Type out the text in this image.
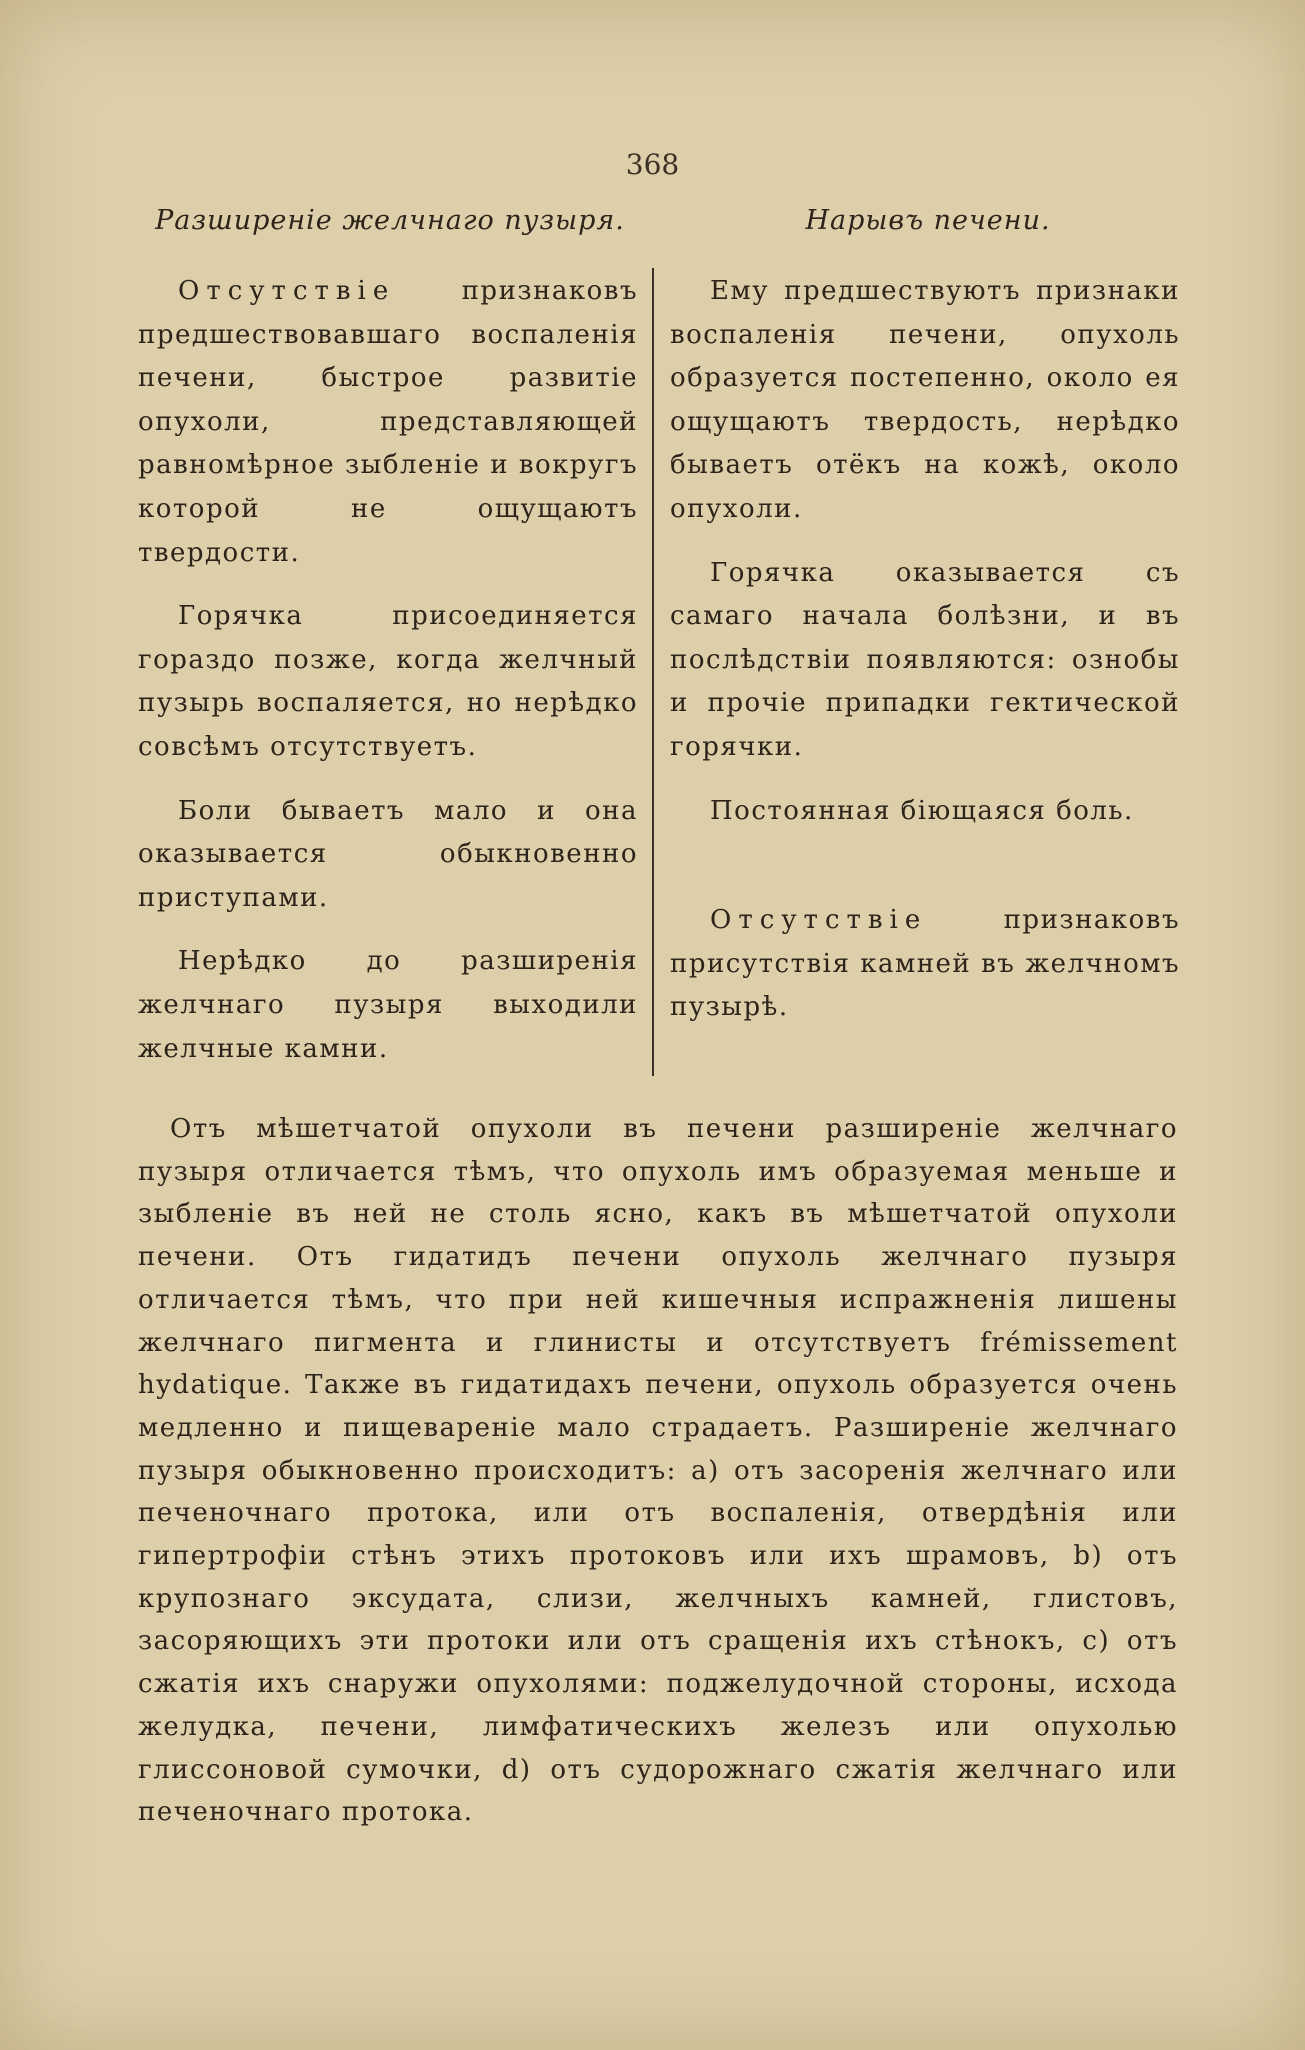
368
Разширеніе желчнаго пузыря.	Нарывъ печени.

Отсутствіе признаковъ предшествовавшаго воспаленія печени, быстрое развитіе опухоли, представляющей равномѣрное зыбленіе и вокругъ которой не ощущаютъ твердости.

Горячка присоединяется гораздо позже, когда желчный пузырь воспаляется, но нерѣдко совсѣмъ отсутствуетъ.

Боли бываетъ мало и она оказывается обыкновенно приступами.

Нерѣдко до разширенія желчнаго пузыря выходили желчные камни.

Ему предшествуютъ признаки воспаленія печени, опухоль образуется постепенно, около ея ощущаютъ твердость, нерѣдко бываетъ отёкъ на кожѣ, около опухоли.

Горячка оказывается съ самаго начала болѣзни, и въ послѣдствіи появляются: ознобы и прочіе припадки гектической горячки.

Постоянная біющаяся боль.

Отсутствіе признаковъ присутствія камней въ желчномъ пузырѣ.

Отъ мѣшетчатой опухоли въ печени разширеніе желчнаго пузыря отличается тѣмъ, что опухоль имъ образуемая меньше и зыбленіе въ ней не столь ясно, какъ въ мѣшетчатой опухоли печени. Отъ гидатидъ печени опухоль желчнаго пузыря отличается тѣмъ, что при ней кишечныя испражненія лишены желчнаго пигмента и глинисты и отсутствуетъ frémissement hydatique. Также въ гидатидахъ печени, опухоль образуется очень медленно и пищевареніе мало страдаетъ. Разширеніе желчнаго пузыря обыкновенно происходитъ: a) отъ засоренія желчнаго или печеночнаго протока, или отъ воспаленія, отвердѣнія или гипертрофіи стѣнъ этихъ протоковъ или ихъ шрамовъ, b) отъ крупознаго эксудата, слизи, желчныхъ камней, глистовъ, засоряющихъ эти протоки или отъ сращенія ихъ стѣнокъ, c) отъ сжатія ихъ снаружи опухолями: поджелудочной стороны, исхода желудка, печени, лимфатическихъ железъ или опухолью глиссоновой сумочки, d) отъ судорожнаго сжатія желчнаго или печеночнаго протока.
